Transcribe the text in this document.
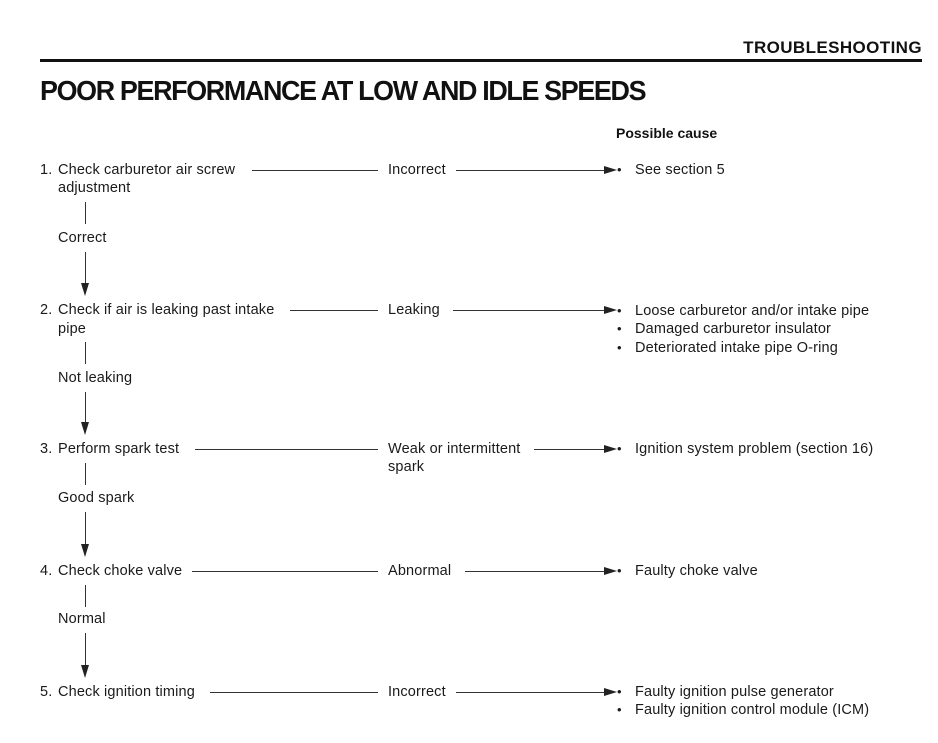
TROUBLESHOOTING
POOR PERFORMANCE AT LOW AND IDLE SPEEDS
Possible cause
1. Check carburetor air screw
adjustment
Incorrect	• See section 5
Correct
2. Check if air is leaking past intake
pipe
Leaking	• Loose carburetor and/or intake pipe
• Damaged carburetor insulator
• Deteriorated intake pipe O-ring
Not leaking
3. Perform spark test	Weak or intermittent
spark
• Ignition system problem (section 16)
Good spark
4. Check choke valve	Abnormal	• Faulty choke valve
Normal
5. Check ignition timing	Incorrect	• Faulty ignition pulse generator
• Faulty ignition control module (ICM)
